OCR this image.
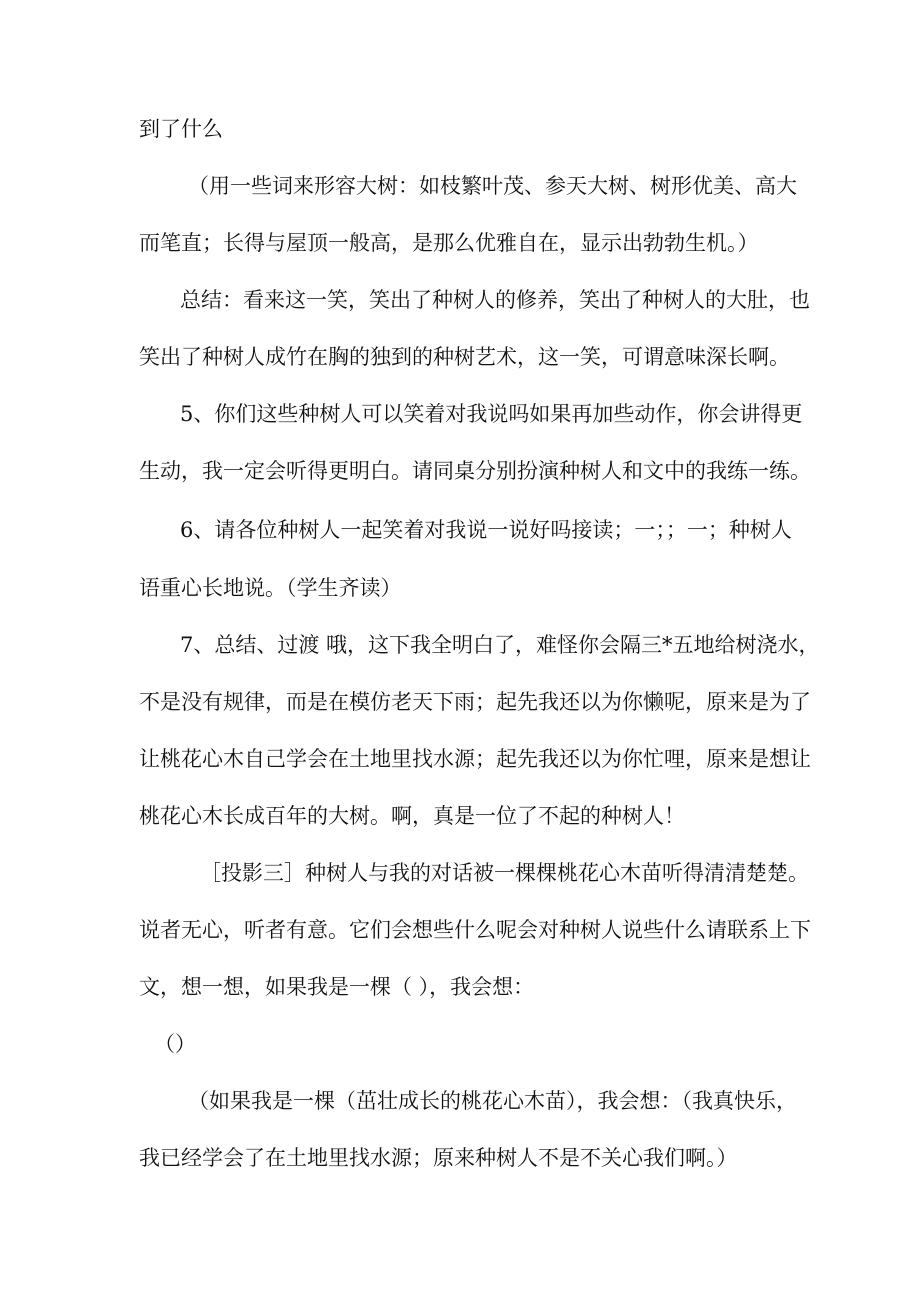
到了什么
（用一些词来形容大树：如枝繁叶茂、参天大树、树形优美、高大
而笔直；长得与屋顶一般高，是那么优雅自在，显示出勃勃生机。）
总结：看来这一笑，笑出了种树人的修养，笑出了种树人的大肚，也
笑出了种树人成竹在胸的独到的种树艺术，这一笑，可谓意味深长啊。
5、你们这些种树人可以笑着对我说吗如果再加些动作，你会讲得更
生动，我一定会听得更明白。请同桌分别扮演种树人和文中的我练一练。
6、请各位种树人一起笑着对我说一说好吗接读；一；；一；种树人
语重心长地说。（学生齐读）
7、总结、过渡 哦，这下我全明白了，难怪你会隔三*五地给树浇水，
不是没有规律，而是在模仿老天下雨；起先我还以为你懒呢，原来是为了
让桃花心木自己学会在土地里找水源；起先我还以为你忙哩，原来是想让
桃花心木长成百年的大树。啊，真是一位了不起的种树人！
［投影三］种树人与我的对话被一棵棵桃花心木苗听得清清楚楚。
说者无心，听者有意。它们会想些什么呢会对种树人说些什么请联系上下
文，想一想，如果我是一棵（ ），我会想：
（）
（如果我是一棵（茁壮成长的桃花心木苗），我会想：（我真快乐，
我已经学会了在土地里找水源；原来种树人不是不关心我们啊。）
